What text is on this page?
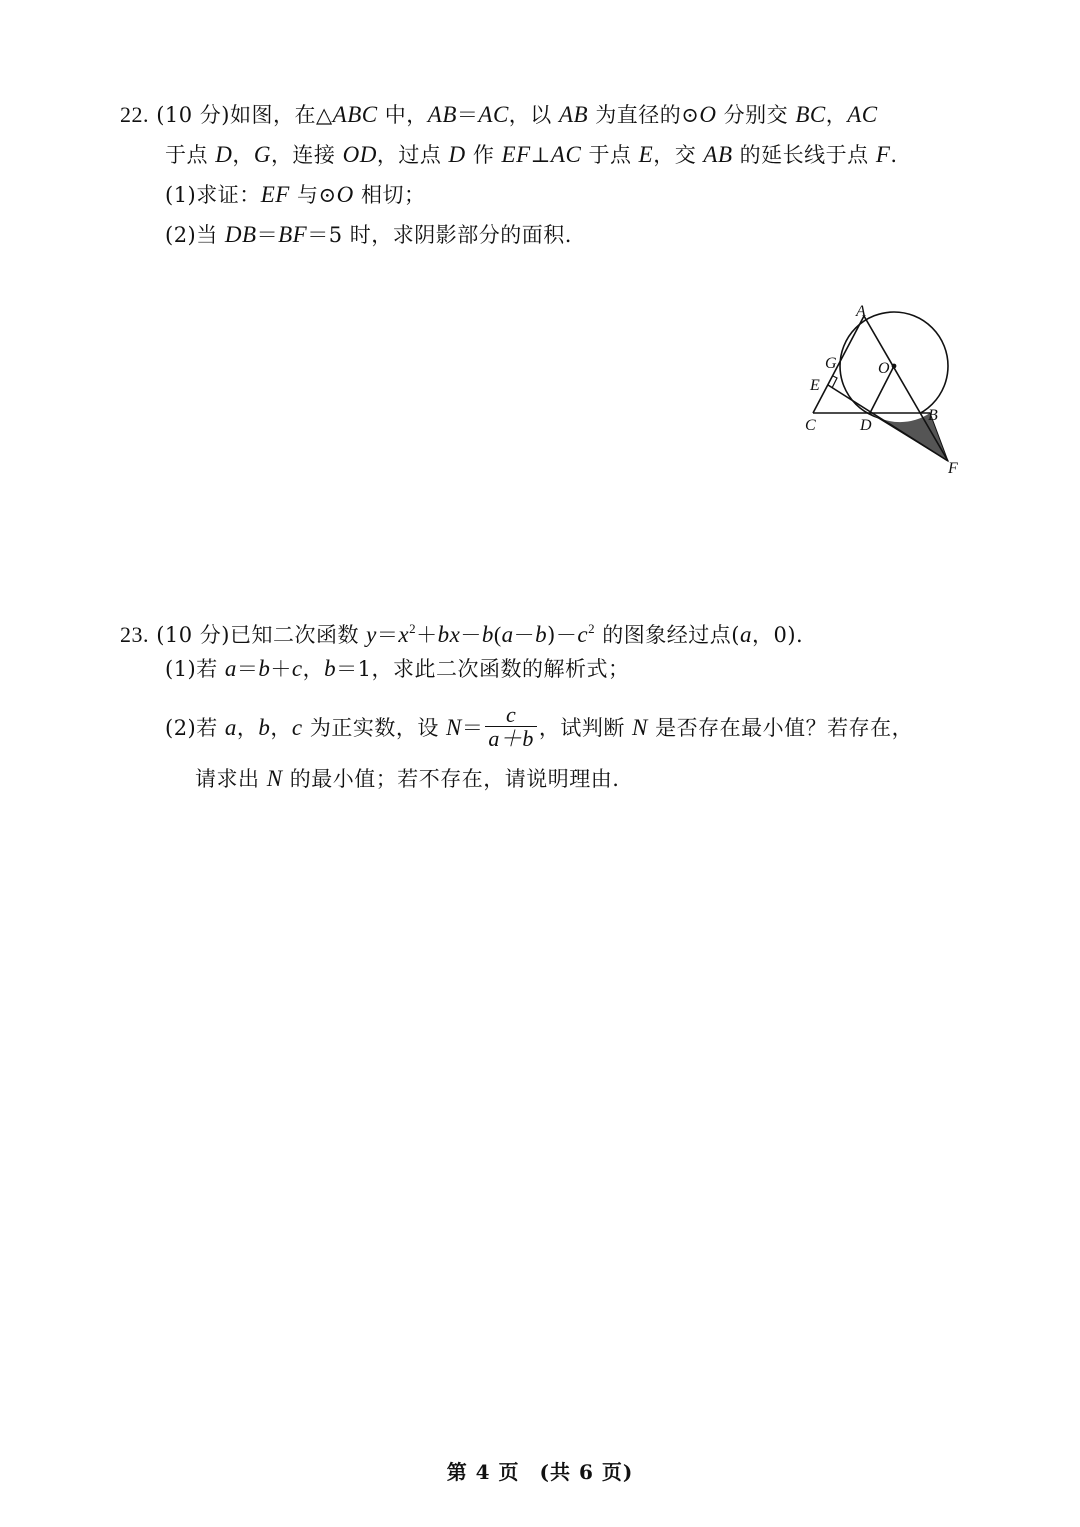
22. (10 分)如图，在△ABC 中，AB＝AC，以 AB 为直径的⊙O 分别交 BC，AC
于点 D，G，连接 OD，过点 D 作 EF⊥AC 于点 E，交 AB 的延长线于点 F.
(1)求证：EF 与⊙O 相切；
(2)当 DB＝BF＝5 时，求阴影部分的面积.
A
G	O
E
C	D
B
F
23. (10 分)已知二次函数 $y=x^2+bx-b(a-b)-c^2$ 的图象经过点(a，0).
(1)若 a＝b＋c，b＝1，求此二次函数的解析式；
(2)若 a，b，c 为正实数，设 $N= \frac{c}{a+b}$ ，试判断 N 是否存在最小值？若存在，
请求出 N 的最小值；若不存在，请说明理由.
第 4 页 (共 6 页)
